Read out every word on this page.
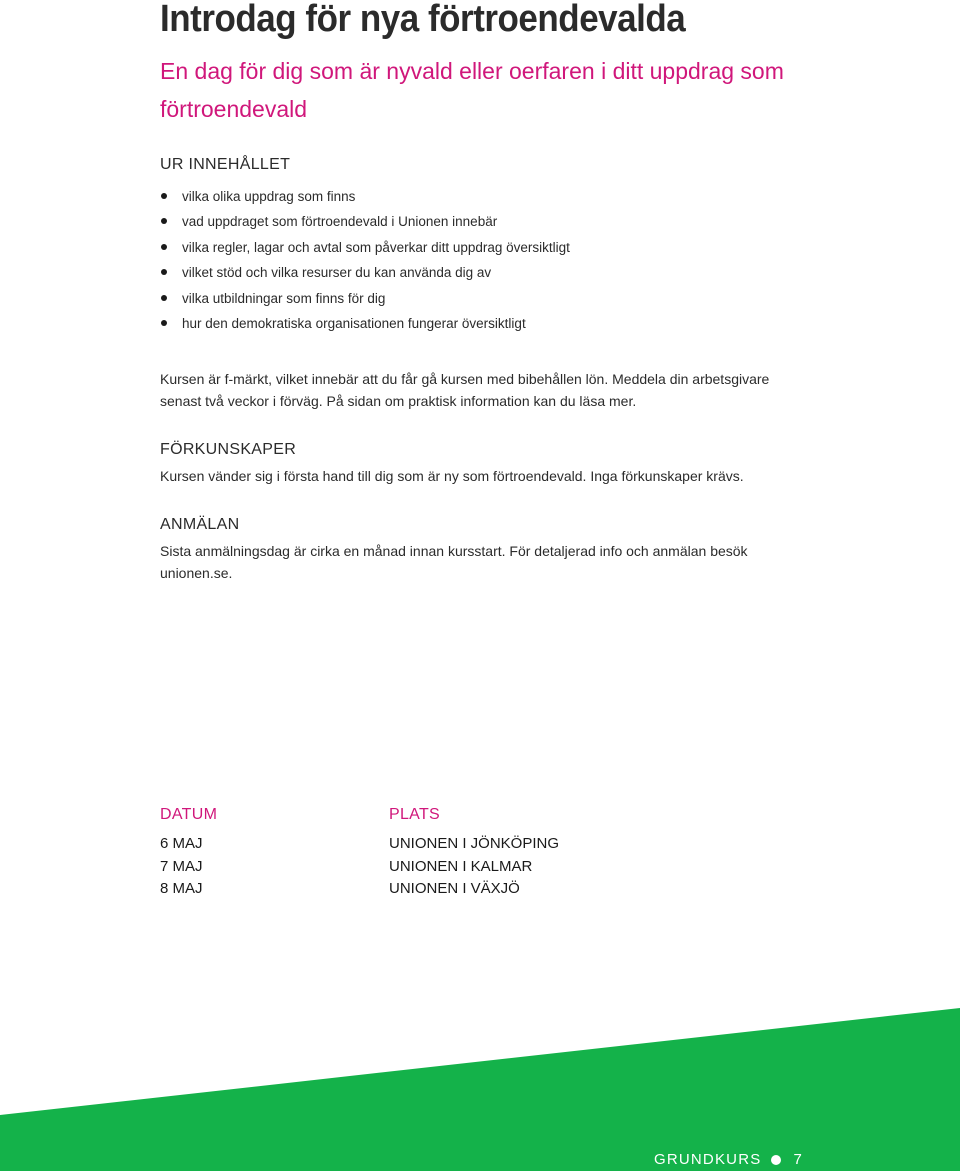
Introdag för nya förtroendevalda
En dag för dig som är nyvald eller oerfaren i ditt uppdrag som förtroendevald
UR INNEHÅLLET
vilka olika uppdrag som finns
vad uppdraget som förtroendevald i Unionen innebär
vilka regler, lagar och avtal som påverkar ditt uppdrag översiktligt
vilket stöd och vilka resurser du kan använda dig av
vilka utbildningar som finns för dig
hur den demokratiska organisationen fungerar översiktligt
Kursen är f-märkt, vilket innebär att du får gå kursen med bibehållen lön. Meddela din arbetsgivare senast två veckor i förväg. På sidan om praktisk information kan du läsa mer.
FÖRKUNSKAPER
Kursen vänder sig i första hand till dig som är ny som förtroendevald. Inga förkunskaper krävs.
ANMÄLAN
Sista anmälningsdag är cirka en månad innan kursstart. För detaljerad info och anmälan besök unionen.se.
DATUM
6 MAJ
7 MAJ
8 MAJ
PLATS
UNIONEN I JÖNKÖPING
UNIONEN I KALMAR
UNIONEN I VÄXJÖ
GRUNDKURS 7
